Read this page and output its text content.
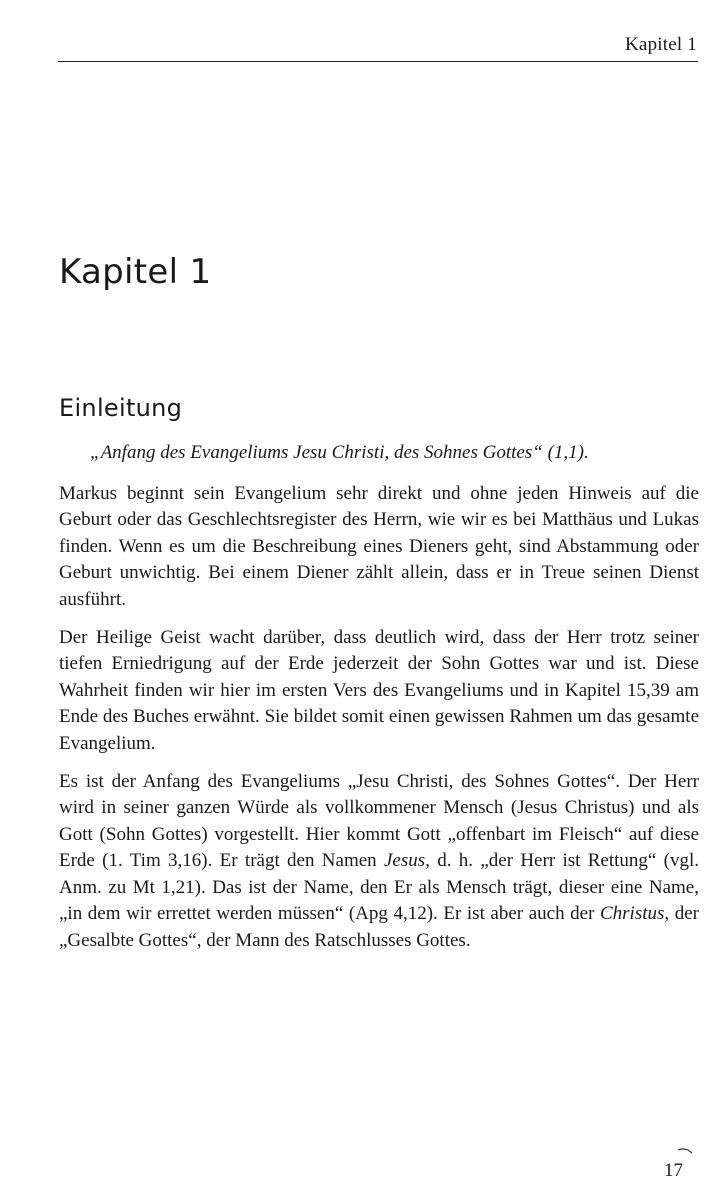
Kapitel 1
Kapitel 1
Einleitung
„Anfang des Evangeliums Jesu Christi, des Sohnes Gottes“ (1,1).

Markus beginnt sein Evangelium sehr direkt und ohne jeden Hinweis auf die Geburt oder das Geschlechtsregister des Herrn, wie wir es bei Matthäus und Lukas finden. Wenn es um die Beschreibung eines Dieners geht, sind Abstammung oder Geburt unwichtig. Bei einem Diener zählt allein, dass er in Treue seinen Dienst ausführt.

Der Heilige Geist wacht darüber, dass deutlich wird, dass der Herr trotz seiner tiefen Erniedrigung auf der Erde jederzeit der Sohn Gottes war und ist. Diese Wahrheit finden wir hier im ersten Vers des Evangeliums und in Kapitel 15,39 am Ende des Buches erwähnt. Sie bildet somit einen gewissen Rahmen um das gesamte Evangelium.

Es ist der Anfang des Evangeliums „Jesu Christi, des Sohnes Gottes“. Der Herr wird in seiner ganzen Würde als vollkommener Mensch (Jesus Christus) und als Gott (Sohn Gottes) vorgestellt. Hier kommt Gott „offenbart im Fleisch“ auf diese Erde (1. Tim 3,16). Er trägt den Namen Jesus, d. h. „der Herr ist Rettung“ (vgl. Anm. zu Mt 1,21). Das ist der Name, den Er als Mensch trägt, dieser eine Name, „in dem wir errettet werden müssen“ (Apg 4,12). Er ist aber auch der Christus, der „Gesalbte Gottes“, der Mann des Ratschlusses Gottes.

17
